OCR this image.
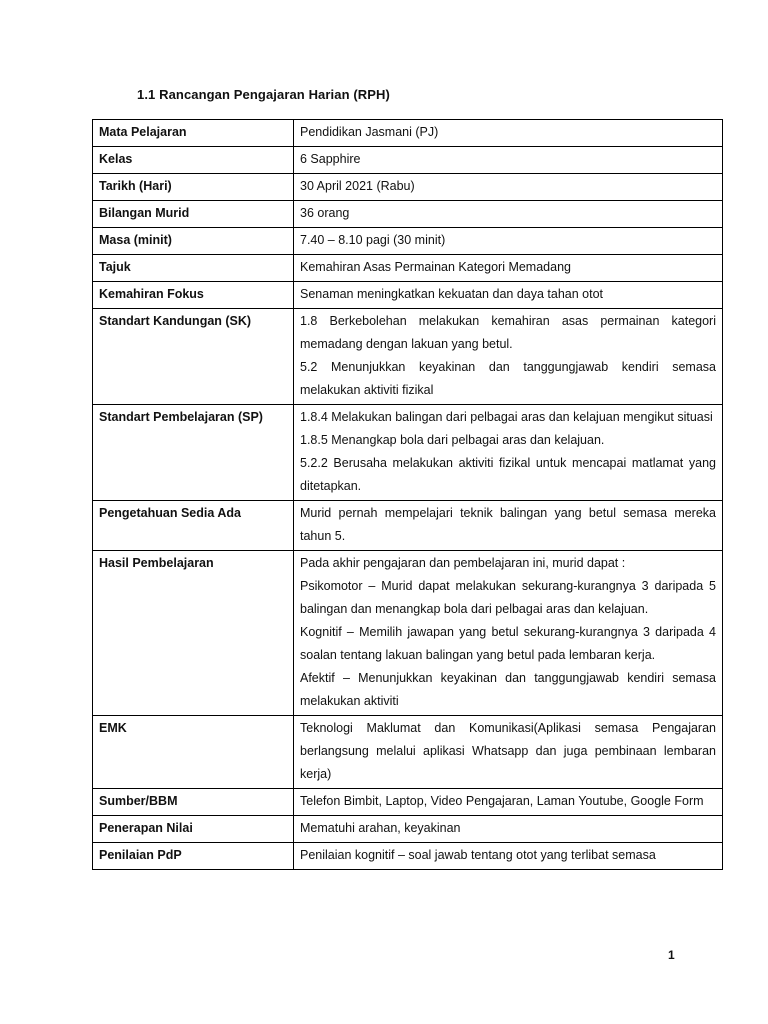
1.1 Rancangan Pengajaran Harian (RPH)
Mata Pelajaran	Pendidikan Jasmani (PJ)

Kelas	6 Sapphire

Tarikh (Hari)	30 April 2021 (Rabu)

Bilangan Murid	36 orang

Masa (minit)	7.40 – 8.10 pagi (30 minit)

Tajuk	Kemahiran Asas Permainan Kategori Memadang

Kemahiran Fokus	Senaman meningkatkan kekuatan dan daya tahan otot

Standart Kandungan (SK)	1.8 Berkebolehan melakukan kemahiran asas permainan kategori memadang dengan lakuan yang betul.
5.2 Menunjukkan keyakinan dan tanggungjawab kendiri semasa melakukan aktiviti fizikal

Standart Pembelajaran (SP)	1.8.4 Melakukan balingan dari pelbagai aras dan kelajuan mengikut situasi
1.8.5 Menangkap bola dari pelbagai aras dan kelajuan.
5.2.2 Berusaha melakukan aktiviti fizikal untuk mencapai matlamat yang ditetapkan.

Pengetahuan Sedia Ada	Murid pernah mempelajari teknik balingan yang betul semasa mereka tahun 5.

Hasil Pembelajaran	Pada akhir pengajaran dan pembelajaran ini, murid dapat :
Psikomotor – Murid dapat melakukan sekurang-kurangnya 3 daripada 5 balingan dan menangkap bola dari pelbagai aras dan kelajuan.
Kognitif – Memilih jawapan yang betul sekurang-kurangnya 3 daripada 4 soalan tentang lakuan balingan yang betul pada lembaran kerja.
Afektif – Menunjukkan keyakinan dan tanggungjawab kendiri semasa melakukan aktiviti

EMK	Teknologi Maklumat dan Komunikasi(Aplikasi semasa Pengajaran berlangsung melalui aplikasi Whatsapp dan juga pembinaan lembaran kerja)

Sumber/BBM	Telefon Bimbit, Laptop, Video Pengajaran, Laman Youtube, Google Form

Penerapan Nilai	Mematuhi arahan, keyakinan

Penilaian PdP	Penilaian kognitif – soal jawab tentang otot yang terlibat semasa
1
